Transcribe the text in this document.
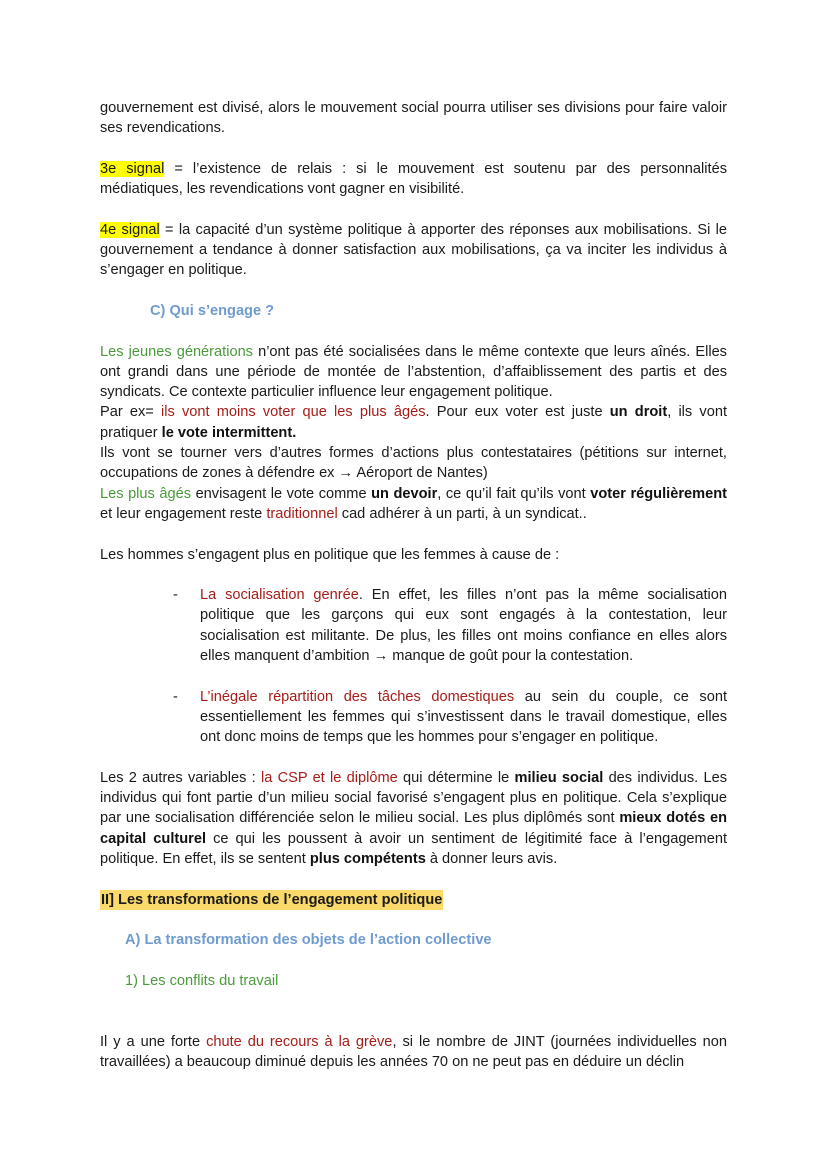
gouvernement est divisé, alors le mouvement social pourra utiliser ses divisions pour faire valoir ses revendications.

3e signal = l’existence de relais : si le mouvement est soutenu par des personnalités médiatiques, les revendications vont gagner en visibilité.

4e signal = la capacité d’un système politique à apporter des réponses aux mobilisations. Si le gouvernement a tendance à donner satisfaction aux mobilisations, ça va inciter les individus à s’engager en politique.

C) Qui s’engage ?

Les jeunes générations n’ont pas été socialisées dans le même contexte que leurs aînés. Elles ont grandi dans une période de montée de l’abstention, d’affaiblissement des partis et des syndicats. Ce contexte particulier influence leur engagement politique.

Par ex= ils vont moins voter que les plus âgés. Pour eux voter est juste un droit, ils vont pratiquer le vote intermittent.

Ils vont se tourner vers d’autres formes d’actions plus contestataires (pétitions sur internet, occupations de zones à défendre ex → Aéroport de Nantes)

Les plus âgés envisagent le vote comme un devoir, ce qu’il fait qu’ils vont voter régulièrement et leur engagement reste traditionnel cad adhérer à un parti, à un syndicat..

Les hommes s’engagent plus en politique que les femmes à cause de :

- La socialisation genrée. En effet, les filles n’ont pas la même socialisation politique que les garçons qui eux sont engagés à la contestation, leur socialisation est militante. De plus, les filles ont moins confiance en elles alors elles manquent d’ambition → manque de goût pour la contestation.
- L’inégale répartition des tâches domestiques au sein du couple, ce sont essentiellement les femmes qui s’investissent dans le travail domestique, elles ont donc moins de temps que les hommes pour s’engager en politique.

Les 2 autres variables : la CSP et le diplôme qui détermine le milieu social des individus. Les individus qui font partie d’un milieu social favorisé s’engagent plus en politique. Cela s’explique par une socialisation différenciée selon le milieu social. Les plus diplômés sont mieux dotés en capital culturel ce qui les poussent à avoir un sentiment de légitimité face à l’engagement politique. En effet, ils se sentent plus compétents à donner leurs avis.

II] Les transformations de l’engagement politique
A) La transformation des objets de l’action collective
1) Les conflits du travail

Il y a une forte chute du recours à la grève, si le nombre de JINT (journées individuelles non travaillées) a beaucoup diminué depuis les années 70 on ne peut pas en déduire un déclin
